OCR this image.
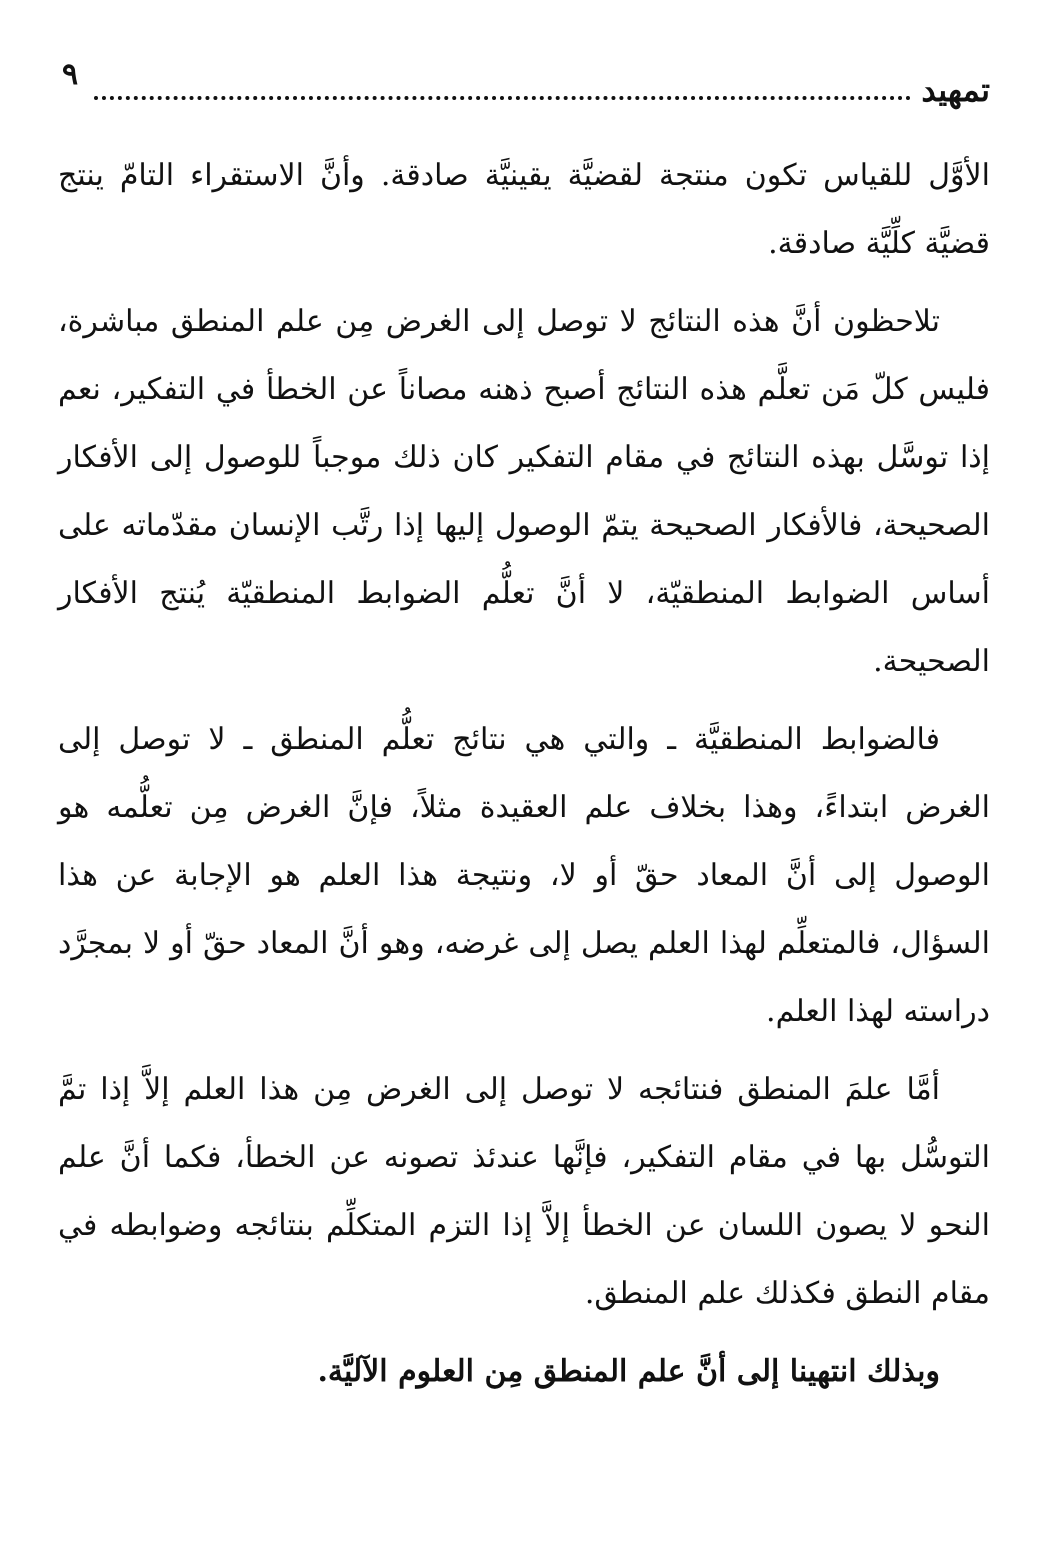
تمهيد
٩

الأوَّل للقياس تكون منتجة لقضيَّة يقينيَّة صادقة. وأنَّ الاستقراء التامّ ينتج قضيَّة كلِّيَّة صادقة.

تلاحظون أنَّ هذه النتائج لا توصل إلى الغرض مِن علم المنطق مباشرة، فليس كلّ مَن تعلَّم هذه النتائج أصبح ذهنه مصاناً عن الخطأ في التفكير، نعم إذا توسَّل بهذه النتائج في مقام التفكير كان ذلك موجباً للوصول إلى الأفكار الصحيحة، فالأفكار الصحيحة يتمّ الوصول إليها إذا رتَّب الإنسان مقدّماته على أساس الضوابط المنطقيّة، لا أنَّ تعلُّم الضوابط المنطقيّة يُنتج الأفكار الصحيحة.

فالضوابط المنطقيَّة ـ والتي هي نتائج تعلُّم المنطق ـ لا توصل إلى الغرض ابتداءً، وهذا بخلاف علم العقيدة مثلاً، فإنَّ الغرض مِن تعلُّمه هو الوصول إلى أنَّ المعاد حقّ أو لا، ونتيجة هذا العلم هو الإجابة عن هذا السؤال، فالمتعلِّم لهذا العلم يصل إلى غرضه، وهو أنَّ المعاد حقّ أو لا بمجرَّد دراسته لهذا العلم.

أمَّا علمَ المنطق فنتائجه لا توصل إلى الغرض مِن هذا العلم إلاَّ إذا تمَّ التوسُّل بها في مقام التفكير، فإنَّها عندئذ تصونه عن الخطأ، فكما أنَّ علم النحو لا يصون اللسان عن الخطأ إلاَّ إذا التزم المتكلِّم بنتائجه وضوابطه في مقام النطق فكذلك علم المنطق.

وبذلك انتهينا إلى أنَّ علم المنطق مِن العلوم الآليَّة.
